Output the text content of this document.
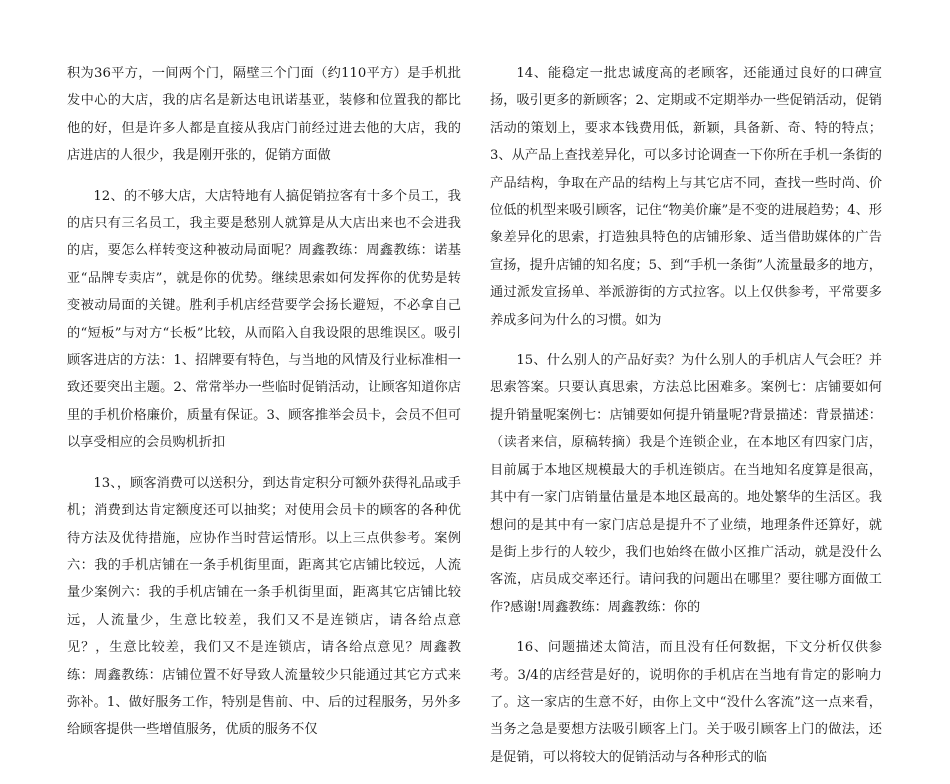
积为36平方，一间两个门，隔壁三个门面（约110平方）是手机批发中心的大店，我的店名是新达电讯诺基亚，装修和位置我的都比他的好，但是许多人都是直接从我店门前经过进去他的大店，我的店进店的人很少，我是刚开张的，促销方面做

12、的不够大店，大店特地有人搞促销拉客有十多个员工，我的店只有三名员工，我主要是愁别人就算是从大店出来也不会进我的店，要怎么样转变这种被动局面呢？周鑫教练：周鑫教练：诺基亚“品牌专卖店”，就是你的优势。继续思索如何发挥你的优势是转变被动局面的关键。胜利手机店经营要学会扬长避短，不必拿自己的“短板”与对方“长板”比较，从而陷入自我设限的思维误区。吸引顾客进店的方法：1、招牌要有特色，与当地的风情及行业标准相一致还要突出主题。2、常常举办一些临时促销活动，让顾客知道你店里的手机价格廉价，质量有保证。3、顾客推举会员卡，会员不但可以享受相应的会员购机折扣

13、，顾客消费可以送积分，到达肯定积分可额外获得礼品或手机；消费到达肯定额度还可以抽奖；对使用会员卡的顾客的各种优待方法及优待措施，应协作当时营运情形。以上三点供参考。案例六：我的手机店铺在一条手机街里面，距离其它店铺比较远，人流量少案例六：我的手机店铺在一条手机街里面，距离其它店铺比较远，人流量少，生意比较差，我们又不是连锁店，请各给点意见？，生意比较差，我们又不是连锁店，请各给点意见？周鑫教练：周鑫教练：店铺位置不好导致人流量较少只能通过其它方式来弥补。1、做好服务工作，特别是售前、中、后的过程服务，另外多给顾客提供一些增值服务，优质的服务不仅

14、能稳定一批忠诚度高的老顾客，还能通过良好的口碑宣扬，吸引更多的新顾客；2、定期或不定期举办一些促销活动，促销活动的策划上，要求本钱费用低，新颖，具备新、奇、特的特点；3、从产品上查找差异化，可以多讨论调查一下你所在手机一条街的产品结构，争取在产品的结构上与其它店不同，查找一些时尚、价位低的机型来吸引顾客，记住“物美价廉”是不变的进展趋势；4、形象差异化的思索，打造独具特色的店铺形象、适当借助媒体的广告宣扬，提升店铺的知名度；5、到“手机一条街”人流量最多的地方，通过派发宣扬单、举派游街的方式拉客。以上仅供参考，平常要多养成多问为什么的习惯。如为

15、什么别人的产品好卖？为什么别人的手机店人气会旺？并思索答案。只要认真思索，方法总比困难多。案例七：店铺要如何提升销量呢案例七：店铺要如何提升销量呢?背景描述：背景描述：（读者来信，原稿转摘）我是个连锁企业，在本地区有四家门店，目前属于本地区规模最大的手机连锁店。在当地知名度算是很高，其中有一家门店销量估量是本地区最高的。地处繁华的生活区。我想问的是其中有一家门店总是提升不了业绩，地理条件还算好，就是街上步行的人较少，我们也始终在做小区推广活动，就是没什么客流，店员成交率还行。请问我的问题出在哪里？要往哪方面做工作?感谢!周鑫教练：周鑫教练：你的

16、问题描述太简洁，而且没有任何数据，下文分析仅供参考。3/4的店经营是好的，说明你的手机店在当地有肯定的影响力了。这一家店的生意不好，由你上文中“没什么客流”这一点来看，当务之急是要想方法吸引顾客上门。关于吸引顾客上门的做法，还是促销，可以将较大的促销活动与各种形式的临
